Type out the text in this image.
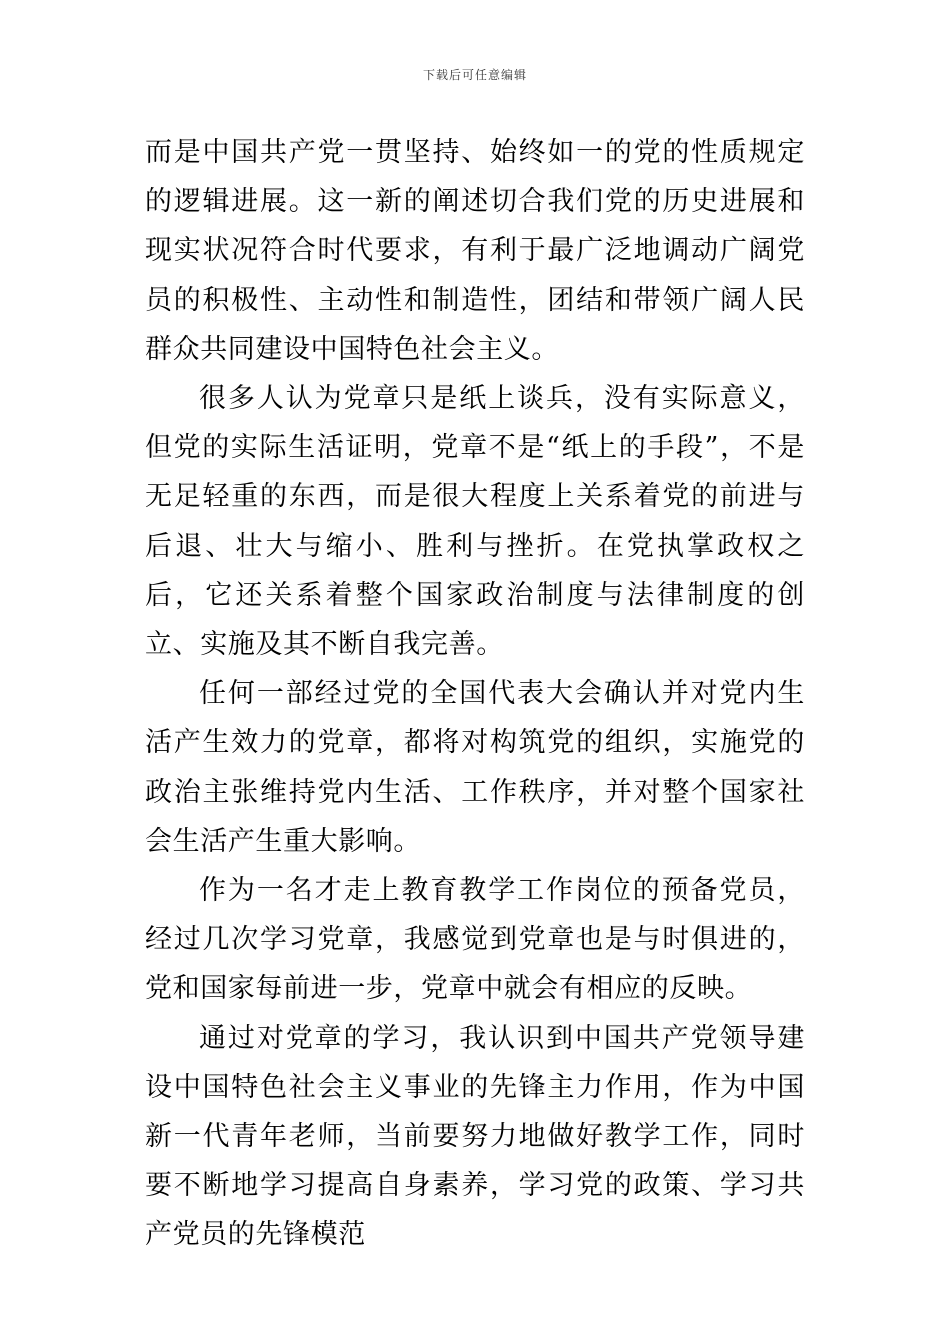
下载后可任意编辑

而是中国共产党一贯坚持、始终如一的党的性质规定的逻辑进展。这一新的阐述切合我们党的历史进展和现实状况符合时代要求，有利于最广泛地调动广阔党员的积极性、主动性和制造性，团结和带领广阔人民群众共同建设中国特色社会主义。

很多人认为党章只是纸上谈兵，没有实际意义，但党的实际生活证明，党章不是“纸上的手段”，不是无足轻重的东西，而是很大程度上关系着党的前进与后退、壮大与缩小、胜利与挫折。在党执掌政权之后，它还关系着整个国家政治制度与法律制度的创立、实施及其不断自我完善。

任何一部经过党的全国代表大会确认并对党内生活产生效力的党章，都将对构筑党的组织，实施党的政治主张维持党内生活、工作秩序，并对整个国家社会生活产生重大影响。

作为一名才走上教育教学工作岗位的预备党员，经过几次学习党章，我感觉到党章也是与时俱进的，党和国家每前进一步，党章中就会有相应的反映。

通过对党章的学习，我认识到中国共产党领导建设中国特色社会主义事业的先锋主力作用，作为中国新一代青年老师，当前要努力地做好教学工作，同时要不断地学习提高自身素养，学习党的政策、学习共产党员的先锋模范
